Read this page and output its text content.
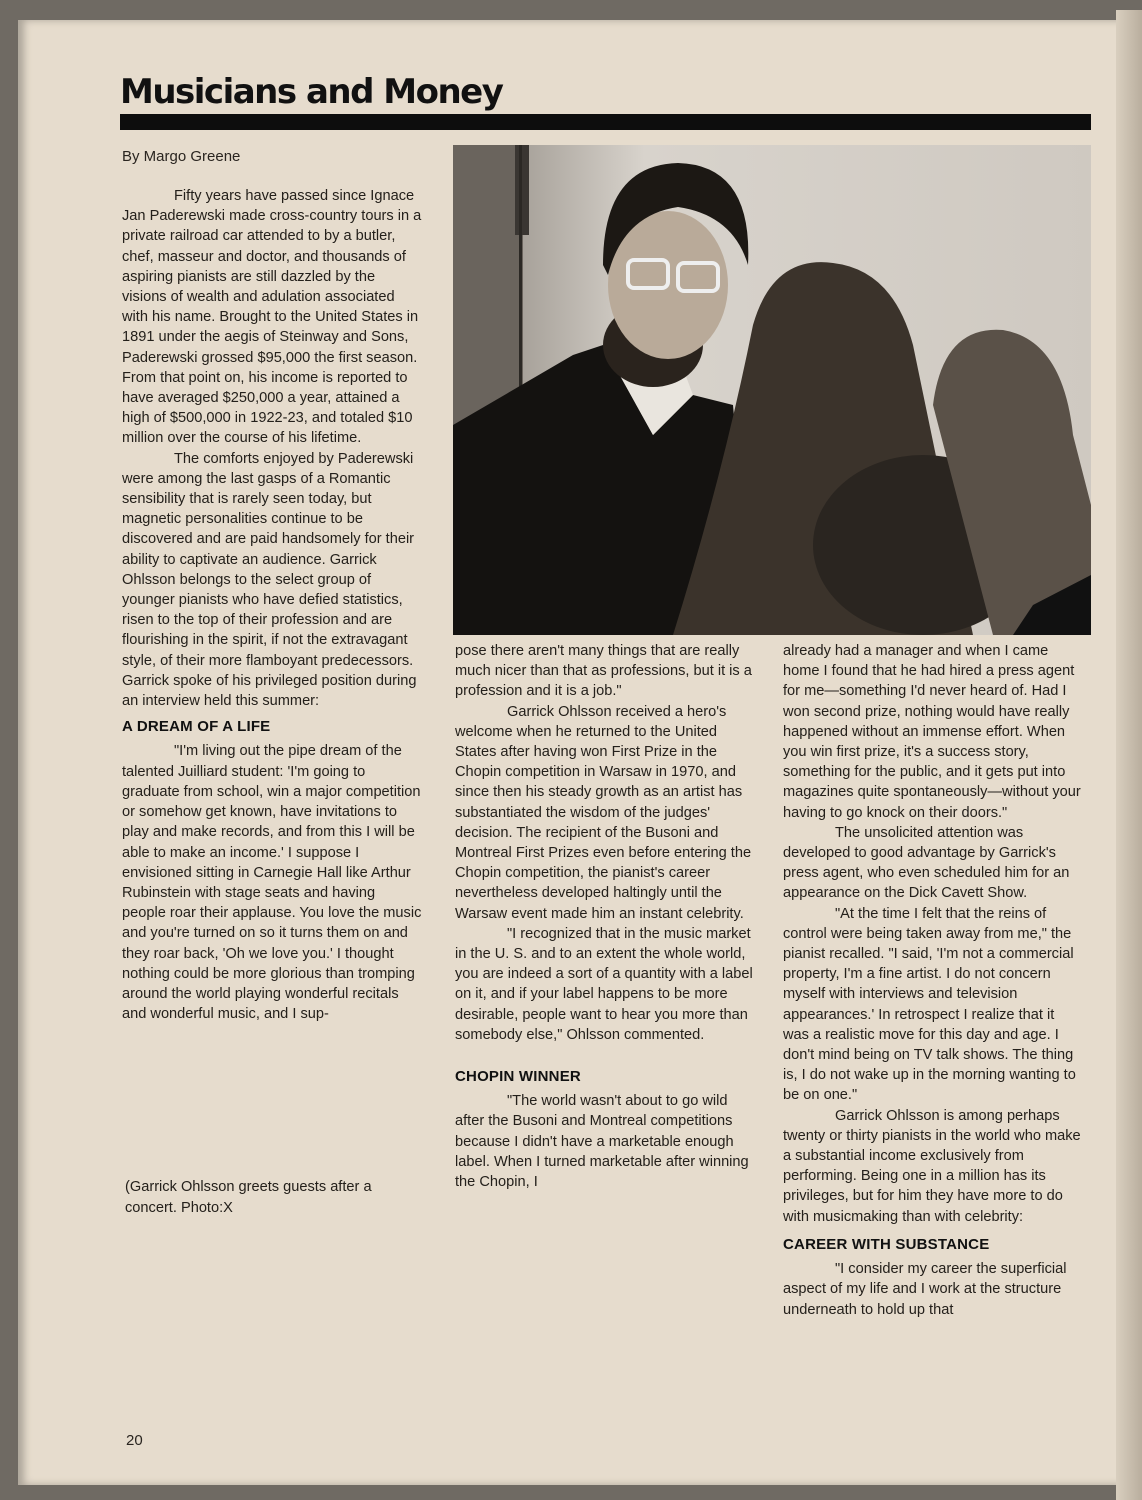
Musicians and Money
By Margo Greene

Fifty years have passed since Ignace Jan Paderewski made cross-country tours in a private railroad car attended to by a butler, chef, masseur and doctor, and thousands of aspiring pianists are still dazzled by the visions of wealth and adulation associated with his name. Brought to the United States in 1891 under the aegis of Steinway and Sons, Paderewski grossed $95,000 the first season. From that point on, his income is reported to have averaged $250,000 a year, attained a high of $500,000 in 1922-23, and totaled $10 million over the course of his lifetime.

The comforts enjoyed by Paderewski were among the last gasps of a Romantic sensibility that is rarely seen today, but magnetic personalities continue to be discovered and are paid handsomely for their ability to captivate an audience. Garrick Ohlsson belongs to the select group of younger pianists who have defied statistics, risen to the top of their profession and are flourishing in the spirit, if not the extravagant style, of their more flamboyant predecessors. Garrick spoke of his privileged position during an interview held this summer:

A DREAM OF A LIFE

"I'm living out the pipe dream of the talented Juilliard student: 'I'm going to graduate from school, win a major competition or somehow get known, have invitations to play and make records, and from this I will be able to make an income.' I suppose I envisioned sitting in Carnegie Hall like Arthur Rubinstein with stage seats and having people roar their applause. You love the music and you're turned on so it turns them on and they roar back, 'Oh we love you.' I thought nothing could be more glorious than tromping around the world playing wonderful recitals and wonderful music, and I sup-

(Garrick Ohlsson greets guests after a concert. Photo:X

pose there aren't many things that are really much nicer than that as professions, but it is a profession and it is a job."

Garrick Ohlsson received a hero's welcome when he returned to the United States after having won First Prize in the Chopin competition in Warsaw in 1970, and since then his steady growth as an artist has substantiated the wisdom of the judges' decision. The recipient of the Busoni and Montreal First Prizes even before entering the Chopin competition, the pianist's career nevertheless developed haltingly until the Warsaw event made him an instant celebrity.

"I recognized that in the music market in the U. S. and to an extent the whole world, you are indeed a sort of a quantity with a label on it, and if your label happens to be more desirable, people want to hear you more than somebody else," Ohlsson commented.

CHOPIN WINNER

"The world wasn't about to go wild after the Busoni and Montreal competitions because I didn't have a marketable enough label. When I turned marketable after winning the Chopin, I

already had a manager and when I came home I found that he had hired a press agent for me—something I'd never heard of. Had I won second prize, nothing would have really happened without an immense effort. When you win first prize, it's a success story, something for the public, and it gets put into magazines quite spontaneously—without your having to go knock on their doors."

The unsolicited attention was developed to good advantage by Garrick's press agent, who even scheduled him for an appearance on the Dick Cavett Show.

"At the time I felt that the reins of control were being taken away from me," the pianist recalled. "I said, 'I'm not a commercial property, I'm a fine artist. I do not concern myself with interviews and television appearances.' In retrospect I realize that it was a realistic move for this day and age. I don't mind being on TV talk shows. The thing is, I do not wake up in the morning wanting to be on one."

Garrick Ohlsson is among perhaps twenty or thirty pianists in the world who make a substantial income exclusively from performing. Being one in a million has its privileges, but for him they have more to do with musicmaking than with celebrity:

CAREER WITH SUBSTANCE

"I consider my career the superficial aspect of my life and I work at the structure underneath to hold up that

20
